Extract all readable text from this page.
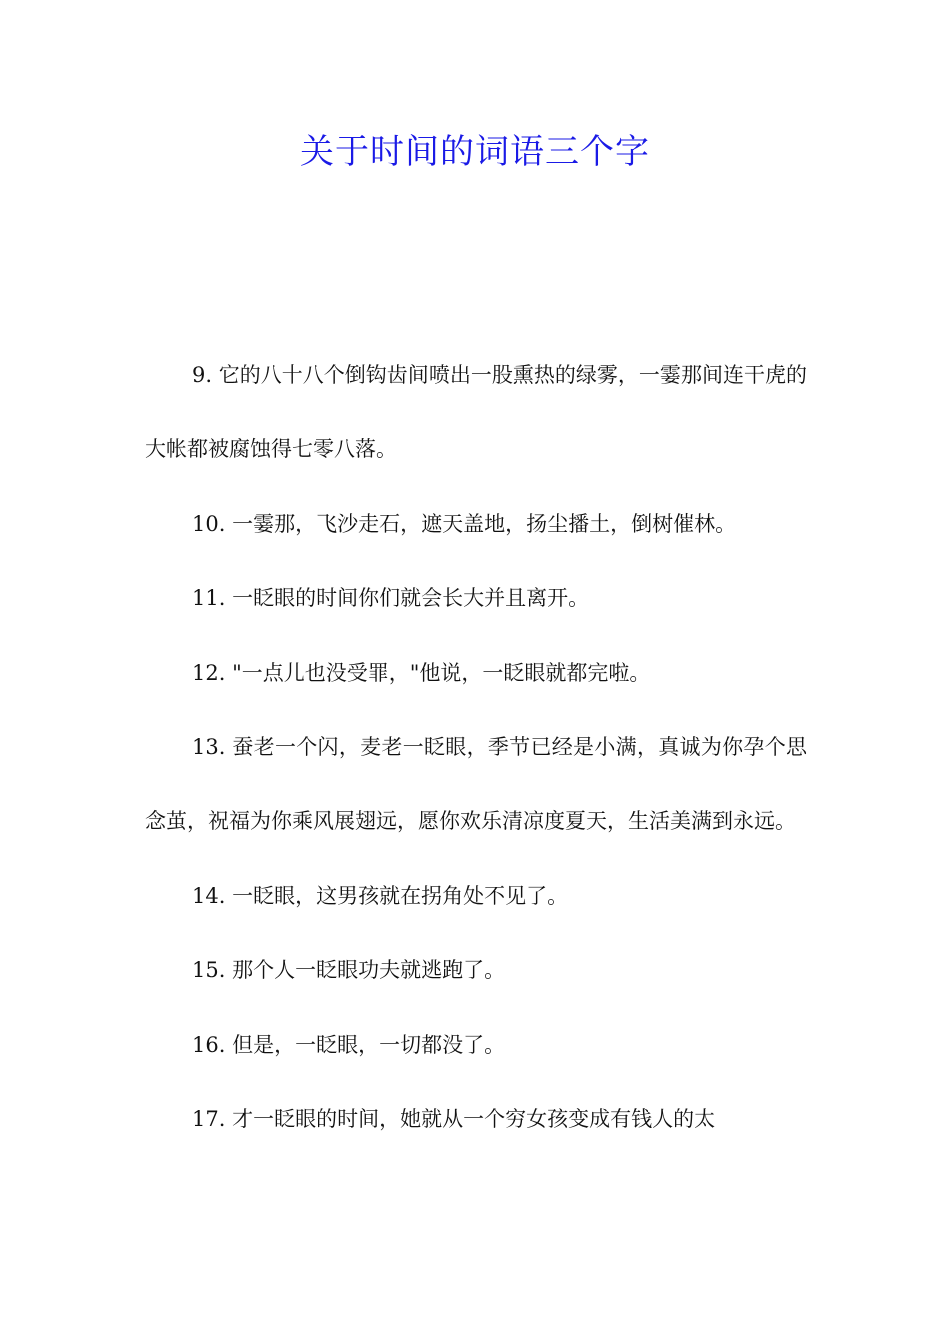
关于时间的词语三个字

9. 它的八十八个倒钩齿间喷出一股熏热的绿雾，一霎那间连干虎的大帐都被腐蚀得七零八落。

10. 一霎那，飞沙走石，遮天盖地，扬尘播土，倒树催林。

11. 一眨眼的时间你们就会长大并且离开。

12. "一点儿也没受罪，"他说，一眨眼就都完啦。

13. 蚕老一个闪，麦老一眨眼，季节已经是小满，真诚为你孕个思念茧，祝福为你乘风展翅远，愿你欢乐清凉度夏天，生活美满到永远。

14. 一眨眼，这男孩就在拐角处不见了。

15. 那个人一眨眼功夫就逃跑了。

16. 但是，一眨眼，一切都没了。

17. 才一眨眼的时间，她就从一个穷女孩变成有钱人的太
